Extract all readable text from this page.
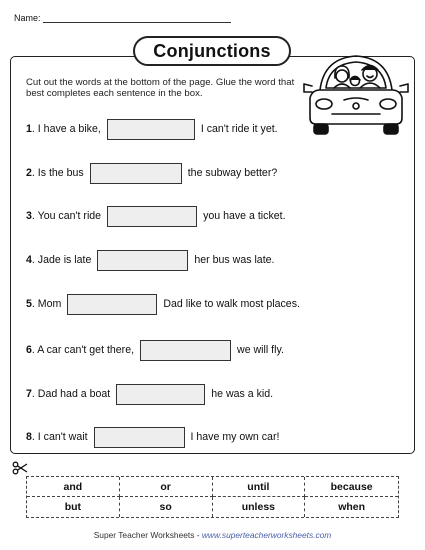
Name:
Conjunctions
Cut out the words at the bottom of the page. Glue the word that best completes each sentence in the box.
1 . I have a bike,	I can't ride it yet.
2 . Is the bus	the subway better?
3 . You can't ride	you have a ticket.
4 . Jade is late	her bus was late.
5 . Mom	Dad like to walk most places.
6 . A car can't get there,	we will fly.
7 . Dad had a boat	he was a kid.
8 . I can't wait	I have my own car!
and	or	until	because
but	so	unless	when
Super Teacher Worksheets - www.superteacherworksheets.com
